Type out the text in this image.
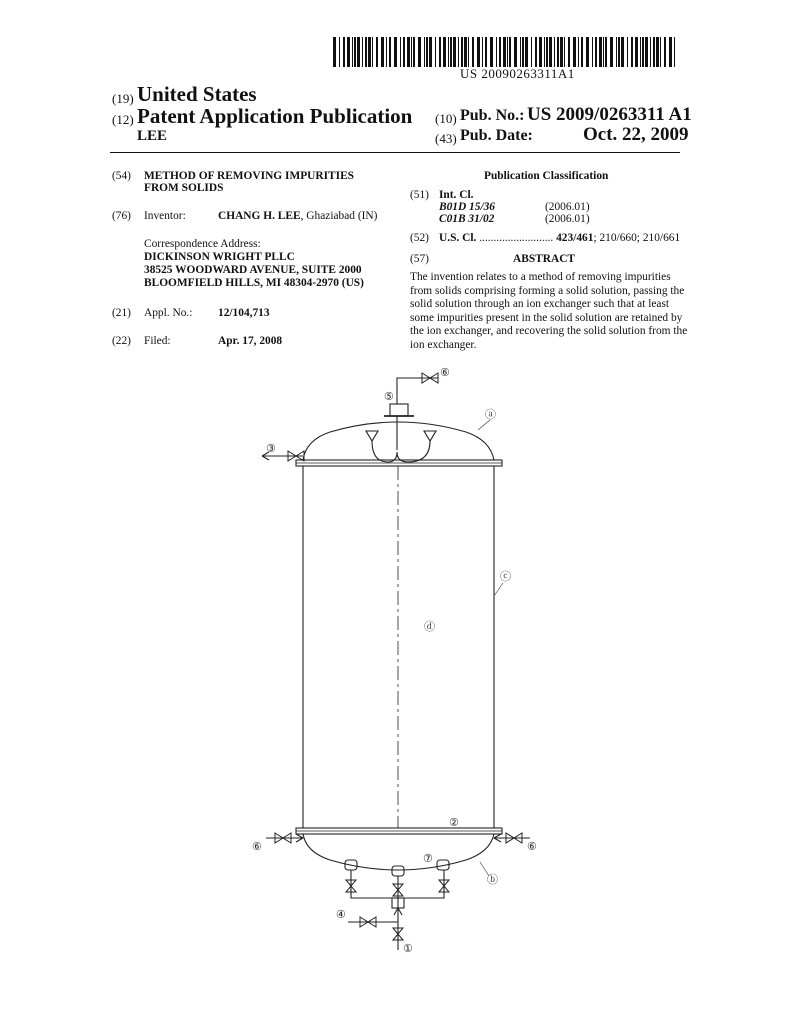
US 20090263311A1
(19) United States
(12) Patent Application Publication
LEE
(10) Pub. No.: US 2009/0263311 A1
(43) Pub. Date:	Oct. 22, 2009
(54) METHOD OF REMOVING IMPURITIES
FROM SOLIDS
(76) Inventor:	CHANG H. LEE, Ghaziabad (IN)
Correspondence Address:
DICKINSON WRIGHT PLLC
38525 WOODWARD AVENUE, SUITE 2000
BLOOMFIELD HILLS, MI 48304-2970 (US)
(21) Appl. No.: 12/104,713
(22) Filed:	Apr. 17, 2008
Publication Classification
(51) Int. Cl.
B01D 15/36	(2006.01)
C01B 31/02	(2006.01)
(52) U.S. Cl. .......................... 423/461; 210/660; 210/661
(57)	ABSTRACT
The invention relates to a method of removing impurities
from solids comprising forming a solid solution, passing the
solid solution through an ion exchanger such that at least
some impurities present in the solid solution are retained by
the ion exchanger, and recovering the solid solution from the
ion exchanger.
⑥
⑤
ⓐ
③
ⓒ
ⓓ
②
⑥	⑥
⑦
ⓑ
④
①
